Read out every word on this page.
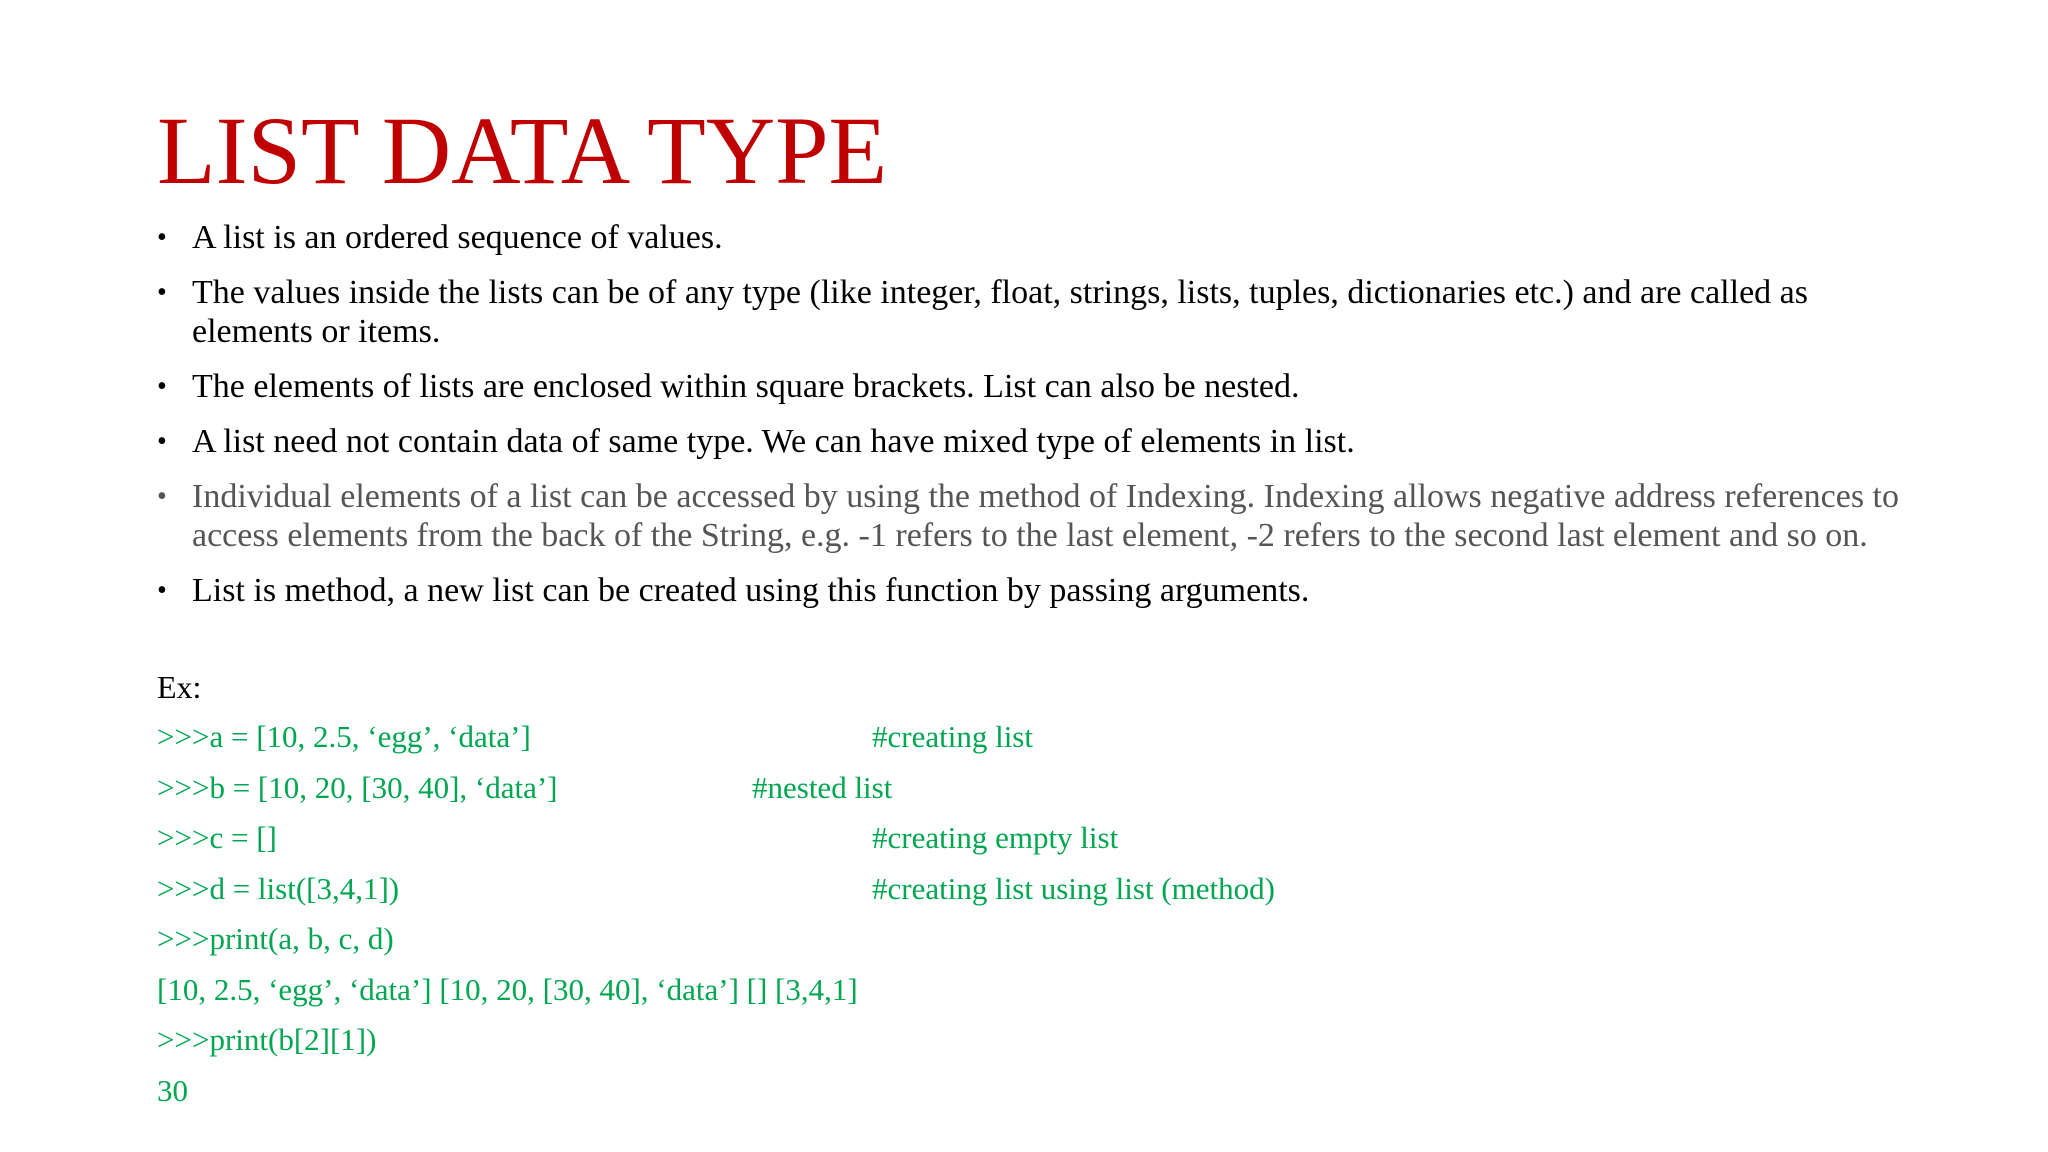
LIST DATA TYPE
• A list is an ordered sequence of values.
• The values inside the lists can be of any type (like integer, float, strings, lists, tuples, dictionaries etc.) and are called as elements or items.
• The elements of lists are enclosed within square brackets. List can also be nested.
• A list need not contain data of same type. We can have mixed type of elements in list.
• Individual elements of a list can be accessed by using the method of Indexing. Indexing allows negative address references to access elements from the back of the String, e.g. -1 refers to the last element, -2 refers to the second last element and so on.
• List is method, a new list can be created using this function by passing arguments.
Ex:
>>>a = [10, 2.5, ‘egg’, ‘data’]	#creating list
>>>b = [10, 20, [30, 40], ‘data’]	#nested list
>>>c = []	#creating empty list
>>>d = list([3,4,1])	#creating list using list (method)
>>>print(a, b, c, d)
[10, 2.5, ‘egg’, ‘data’] [10, 20, [30, 40], ‘data’] [] [3,4,1]
>>>print(b[2][1])
30
